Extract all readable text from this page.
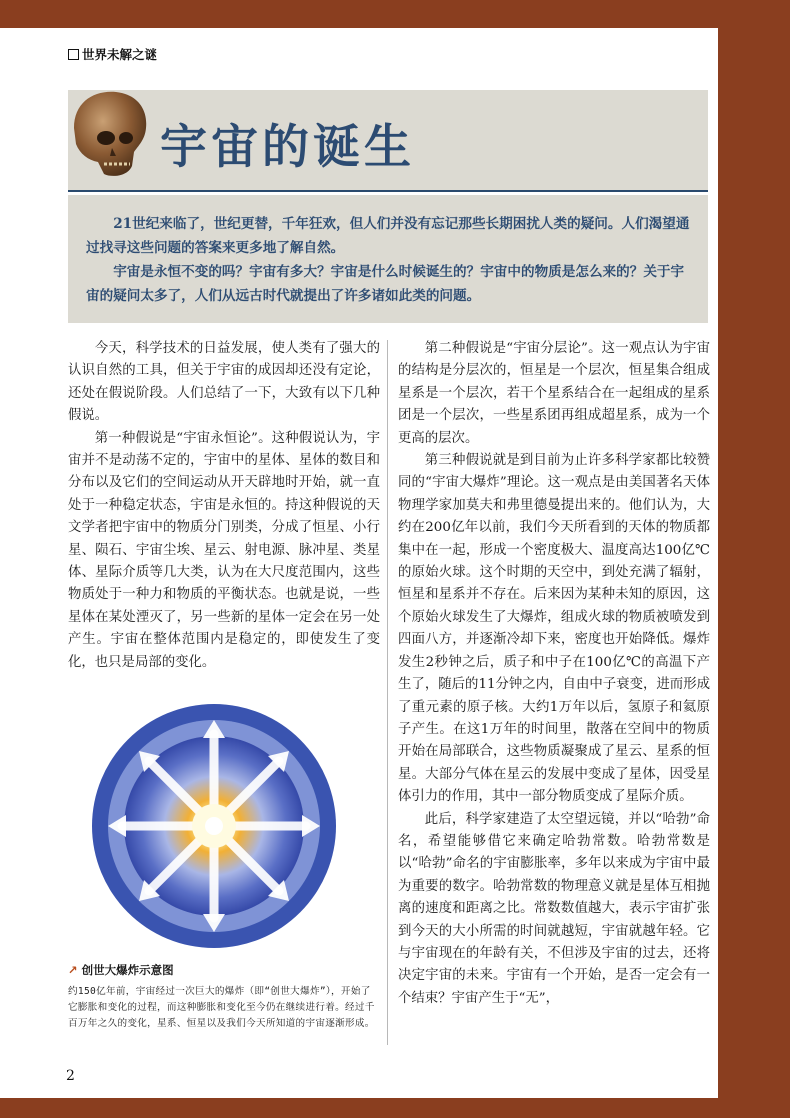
世界未解之谜
宇宙的诞生

21世纪来临了，世纪更替，千年狂欢，但人们并没有忘记那些长期困扰人类的疑问。人们渴望通过找寻这些问题的答案来更多地了解自然。

宇宙是永恒不变的吗？宇宙有多大？宇宙是什么时候诞生的？宇宙中的物质是怎么来的？关于宇宙的疑问太多了，人们从远古时代就提出了许多诸如此类的问题。

今天，科学技术的日益发展，使人类有了强大的认识自然的工具，但关于宇宙的成因却还没有定论，还处在假说阶段。人们总结了一下，大致有以下几种假说。

第一种假说是“宇宙永恒论”。这种假说认为，宇宙并不是动荡不定的，宇宙中的星体、星体的数目和分布以及它们的空间运动从开天辟地时开始，就一直处于一种稳定状态，宇宙是永恒的。持这种假说的天文学者把宇宙中的物质分门别类，分成了恒星、小行星、陨石、宇宙尘埃、星云、射电源、脉冲星、类星体、星际介质等几大类，认为在大尺度范围内，这些物质处于一种力和物质的平衡状态。也就是说，一些星体在某处湮灭了，另一些新的星体一定会在另一处产生。宇宙在整体范围内是稳定的，即使发生了变化，也只是局部的变化。

第二种假说是“宇宙分层论”。这一观点认为宇宙的结构是分层次的，恒星是一个层次，恒星集合组成星系是一个层次，若干个星系结合在一起组成的星系团是一个层次，一些星系团再组成超星系，成为一个更高的层次。

第三种假说就是到目前为止许多科学家都比较赞同的“宇宙大爆炸”理论。这一观点是由美国著名天体物理学家加莫夫和弗里德曼提出来的。他们认为，大约在200亿年以前，我们今天所看到的天体的物质都集中在一起，形成一个密度极大、温度高达100亿℃的原始火球。这个时期的天空中，到处充满了辐射，恒星和星系并不存在。后来因为某种未知的原因，这个原始火球发生了大爆炸，组成火球的物质被喷发到四面八方，并逐渐冷却下来，密度也开始降低。爆炸发生2秒钟之后，质子和中子在100亿℃的高温下产生了，随后的11分钟之内，自由中子衰变，进而形成了重元素的原子核。大约1万年以后，氢原子和氦原子产生。在这1万年的时间里，散落在空间中的物质开始在局部联合，这些物质凝聚成了星云、星系的恒星。大部分气体在星云的发展中变成了星体，因受星体引力的作用，其中一部分物质变成了星际介质。

此后，科学家建造了太空望远镜，并以“哈勃”命名，希望能够借它来确定哈勃常数。哈勃常数是以“哈勃”命名的宇宙膨胀率，多年以来成为宇宙中最为重要的数字。哈勃常数的物理意义就是星体互相抛离的速度和距离之比。常数数值越大，表示宇宙扩张到今天的大小所需的时间就越短，宇宙就越年轻。它与宇宙现在的年龄有关，不但涉及宇宙的过去，还将决定宇宙的未来。宇宙有一个开始，是否一定会有一个结束？宇宙产生于“无”，

↗ 创世大爆炸示意图
约150亿年前，宇宙经过一次巨大的爆炸（即“创世大爆炸”），开始了它膨胀和变化的过程，而这种膨胀和变化至今仍在继续进行着。经过千百万年之久的变化，星系、恒星以及我们今天所知道的宇宙逐渐形成。
2
